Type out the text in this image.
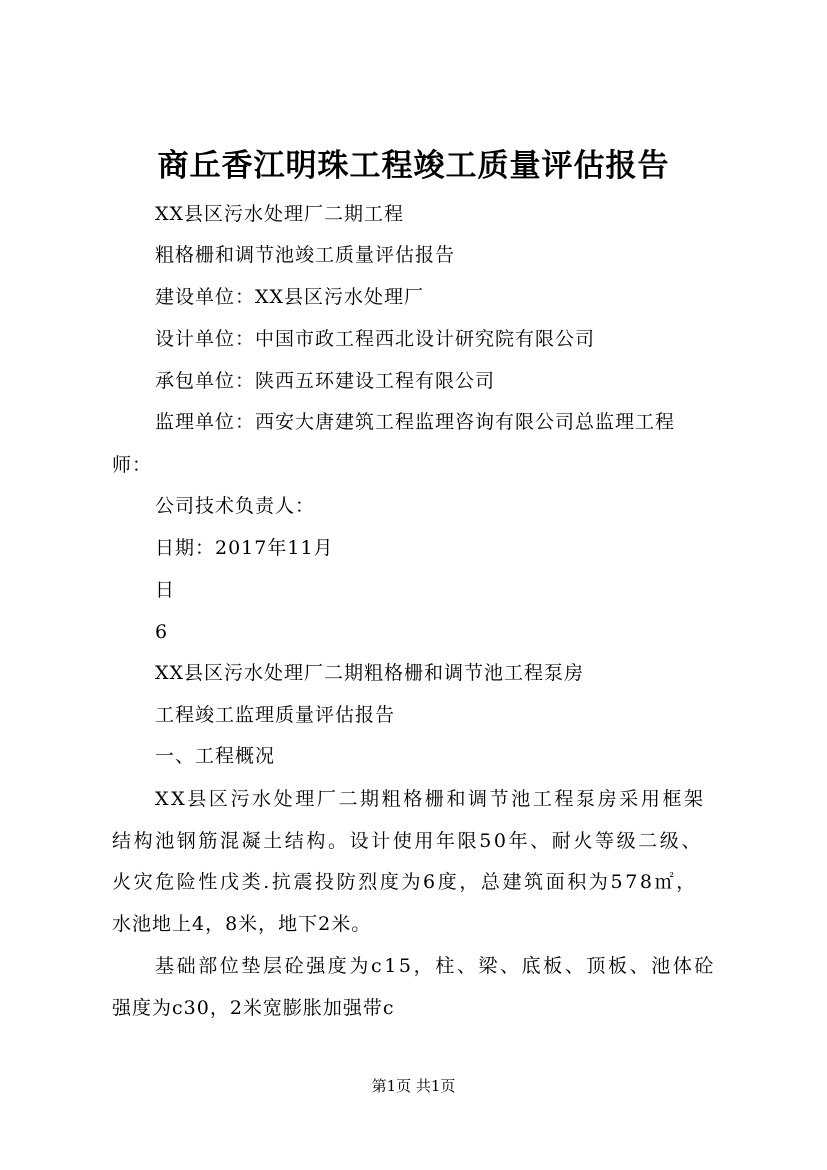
商丘香江明珠工程竣工质量评估报告
XX县区污水处理厂二期工程
粗格栅和调节池竣工质量评估报告
建设单位：XX县区污水处理厂
设计单位：中国市政工程西北设计研究院有限公司
承包单位：陕西五环建设工程有限公司
监理单位：西安大唐建筑工程监理咨询有限公司总监理工程
师：
公司技术负责人：
日期：2017年11月
日
6
XX县区污水处理厂二期粗格栅和调节池工程泵房
工程竣工监理质量评估报告
一、工程概况
XX县区污水处理厂二期粗格栅和调节池工程泵房采用框架
结构池钢筋混凝土结构。设计使用年限50年、耐火等级二级、
火灾危险性戊类.抗震投防烈度为6度，总建筑面积为578㎡，
水池地上4，8米，地下2米。
基础部位垫层砼强度为c15，柱、梁、底板、顶板、池体砼
强度为c30，2米宽膨胀加强带c
第1页 共1页
